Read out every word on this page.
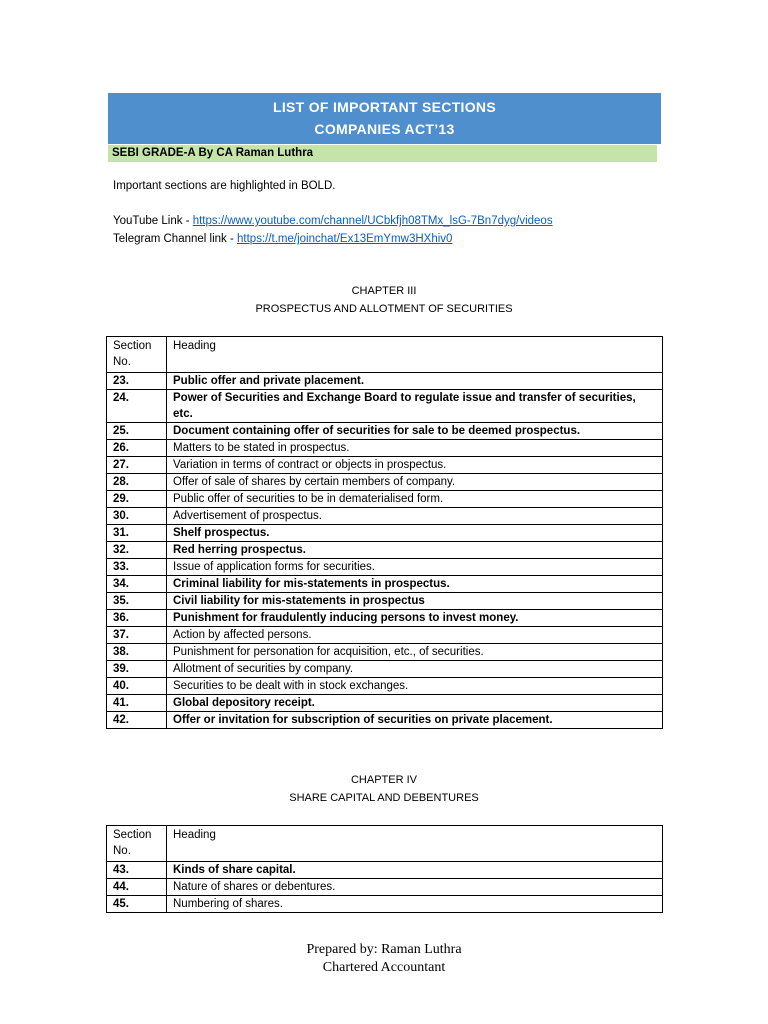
LIST OF IMPORTANT SECTIONS
COMPANIES ACT’13
SEBI GRADE-A By CA Raman Luthra
Important sections are highlighted in BOLD.
YouTube Link - https://www.youtube.com/channel/UCbkfjh08TMx_lsG-7Bn7dyg/videos
Telegram Channel link - https://t.me/joinchat/Ex13EmYmw3HXhiv0
CHAPTER III
PROSPECTUS AND ALLOTMENT OF SECURITIES
Section No.	Heading
23.	Public offer and private placement.
24.	Power of Securities and Exchange Board to regulate issue and transfer of securities, etc.
25.	Document containing offer of securities for sale to be deemed prospectus.
26.	Matters to be stated in prospectus.
27.	Variation in terms of contract or objects in prospectus.
28.	Offer of sale of shares by certain members of company.
29.	Public offer of securities to be in dematerialised form.
30.	Advertisement of prospectus.
31.	Shelf prospectus.
32.	Red herring prospectus.
33.	Issue of application forms for securities.
34.	Criminal liability for mis-statements in prospectus.
35.	Civil liability for mis-statements in prospectus
36.	Punishment for fraudulently inducing persons to invest money.
37.	Action by affected persons.
38.	Punishment for personation for acquisition, etc., of securities.
39.	Allotment of securities by company.
40.	Securities to be dealt with in stock exchanges.
41.	Global depository receipt.
42.	Offer or invitation for subscription of securities on private placement.
CHAPTER IV
SHARE CAPITAL AND DEBENTURES
Section No.	Heading
43.	Kinds of share capital.
44.	Nature of shares or debentures.
45.	Numbering of shares.
Prepared by: Raman Luthra
Chartered Accountant
